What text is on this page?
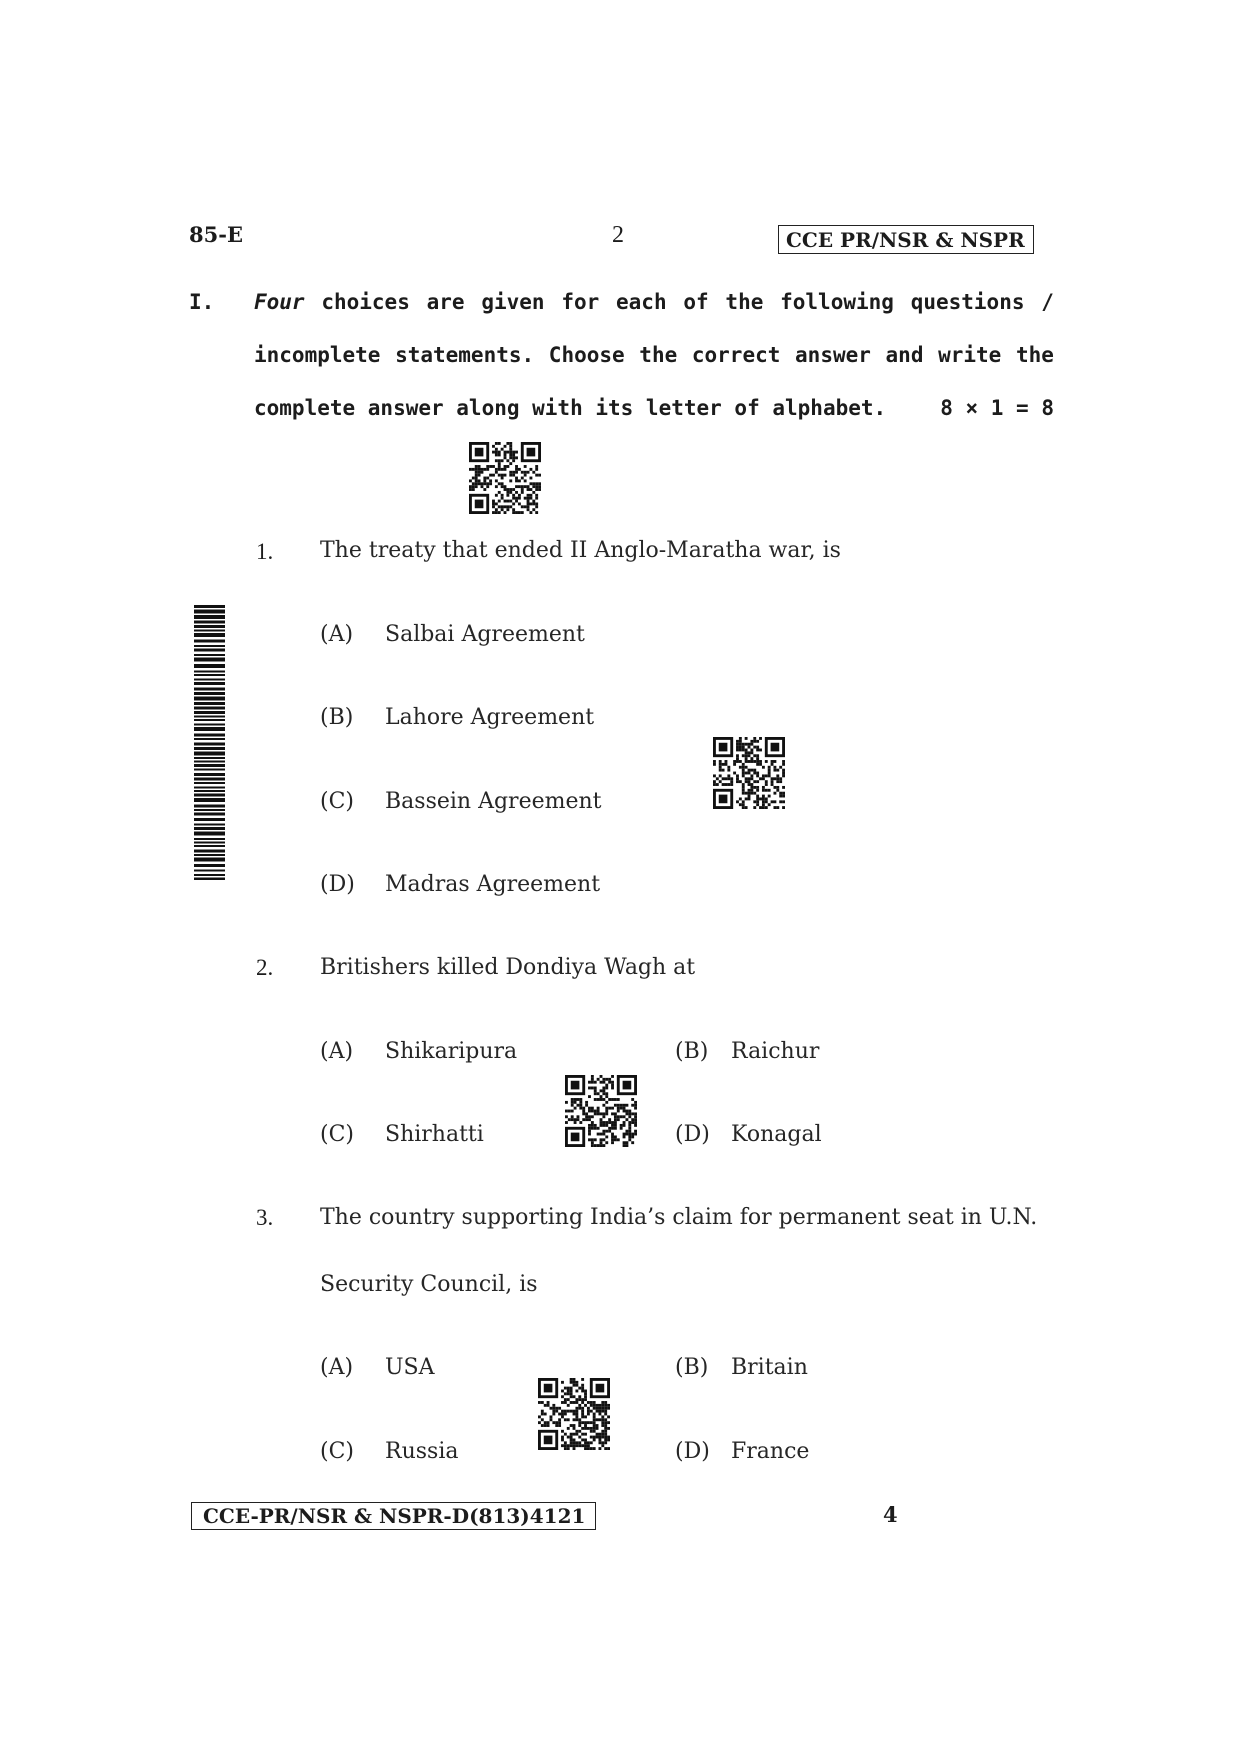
85-E	2	CCE PR/NSR & NSPR
I. Four choices are given for each of the following questions /
incomplete statements. Choose the correct answer and write the
complete answer along with its letter of alphabet.	8 × 1 = 8
1. The treaty that ended II Anglo-Maratha war, is
(A) Salbai Agreement
(B) Lahore Agreement
(C) Bassein Agreement
(D) Madras Agreement
2. Britishers killed Dondiya Wagh at
(A) Shikaripura	(B) Raichur
(C) Shirhatti	(D) Konagal
3. The country supporting India’s claim for permanent seat in U.N.
Security Council, is
(A) USA	(B) Britain
(C) Russia	(D) France
CCE-PR/NSR & NSPR-D(813)4121	4
